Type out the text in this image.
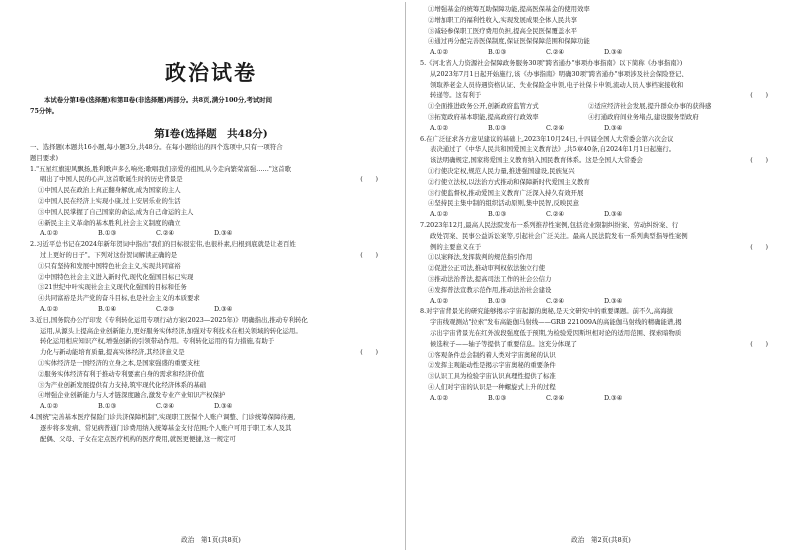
政治试卷

本试卷分第Ⅰ卷(选择题)和第Ⅱ卷(非选择题)两部分。共8页,满分100分,考试时间

75分钟。

第Ⅰ卷(选择题　共48分)

一、选择题(本题共16小题,每小题3分,共48分。在每小题给出的四个选项中,只有一项符合

题目要求)

1."五星红旗迎风飘扬,胜利歌声多么响亮;歌唱我们亲爱的祖国,从今走向繁荣富强……"这首歌

唱出了中国人民的心声,这首歌诞生时的历史背景是	(　　)

①中国人民在政治上真正翻身解放,成为国家的主人

②中国人民在经济上实现小康,过上安居乐业的生活

③中国人民掌握了自己国家的命运,成为自己命运的主人

④新民主主义革命的基本胜利,社会主义制度的确立

A.①②	B.①③	C.②④	D.③④

2.习近平总书记在2024年新年贺词中指出"我们的目标很宏伟,也很朴素,归根到底就是让老百姓

过上更好的日子"。下列对这份贺词解读正确的是	(　　)

①只有坚持和发展中国特色社会主义,实现共同富裕

②中国特色社会主义进入新时代,现代化强国目标已实现

③21世纪中叶实现社会主义现代化强国的目标和任务

④共同富裕是共产党的奋斗目标,也是社会主义的本质要求

A.①②	B.①④	C.②③	D.③④

3.近日,国务院办公厅印发《专利转化运用专项行动方案(2023—2025年)》明确指出,推动专利转化

运用,从源头上提高企业创新能力,更好服务实体经济,加强对专利技术在相关领域的转化运用。

转化运用相应知识产权,增强创新的引领带动作用。专利转化运用的有力措施,有助于

力化与新动能培育质量,提高实体经济,其经济意义是	(　　)

①实体经济是一国经济的立身之本,是国家强盛的重要支柱

②服务实体经济有利于推动专利要素自身的需求和经济价值

③为产业创新发展提供有力支持,筑牢现代化经济体系的基础

④增强企业创新能力与人才链深度融合,激发专业产业知识产权保护

A.①②	B.①③	C.②④	D.③④

4.国统"完善基本医疗保险门诊共济保障机制",实现职工医保个人账户调整、门诊统筹保障待遇,

逐步将多发病、常见病普通门诊费用纳入统筹基金支付范围;个人账户可用于职工本人及其

配偶、父母、子女在定点医疗机构的医疗费用,就医更便捷,这一规定可

政治　第1页(共8页)

①增强基金的统筹互助保障功能,提高医保基金的使用效率

②增加职工的福利性收入,实现发展成果全体人民共享

③减轻参保职工医疗费用负担,提高全民医保覆盖水平

④通过再分配完善医保制度,保证医保保障范围和保障功能

A.①②	B.①③	C.②④	D.③④

5.《河北省人力资源社会保障政务服务30项"跨省通办"事项办事指南》以下简称《办事指南》)

从2023年7月1日起开始施行,该《办事指南》明确30项"跨省通办"事项涉及社会保险登记、

领取养老金人员待遇资格认证、失业保险金申领,电子社保卡申领,流动人员人事档案接收和

转递等。这有利于	(　　)

①全面推进政务公开,创新政府监管方式	②适应经济社会发展,提升群众办事的获得感

③拓宽政府基本职能,提高政府行政效率	④打通政府间业务堵点,建设服务型政府

A.①②	B.①③	C.②④	D.③④

6.在广泛征求各方意见建议的基础上,2023年10月24日,十四届全国人大常委会第六次会议

表决通过了《中华人民共和国爱国主义教育法》,共5章40条,自2024年1月1日起施行。

该法明确规定,国家将爱国主义教育纳入国民教育体系。这是全国人大常委会	(　　)

①行使决定权,规范人民力量,推进强国建设,民族复兴

②行使立法权,以法治方式推动和保障新时代爱国主义教育

③行使监督权,推动爱国主义教育广泛深入持久有效开展

④坚持民主集中制的组织活动原则,集中民智,反映民意

A.①②	B.①③	C.②④	D.③④

7.2023年12月,最高人民法院发布一系列推荐性案例,包括竞业限制纠纷案、劳动纠纷案、行

政处罚案、民事公益诉讼案等,引起社会广泛关注。最高人民法院发布一系列典型指导性案例

例的主要意义在于	(　　)

①以案释法,发挥裁判的规范指引作用

②促进公正司法,推动审判权依法独立行使

③推动法治普法,提高司法工作的社会公信力

④发挥普法宣教示范作用,推动法治社会建设

A.①②	B.①③	C.②④	D.③④

8.对宇宙背景光的研究能够揭示宇宙起源的奥秘,是天文研究中的重要课题。前不久,高海拔

宇宙线观测站"拉索"发布高能伽马射线——GRB 221009A的高能伽马射线的精确能谱,揭

示出宇宙背景光在红外波段强度低于预期,为检验爱因斯坦相对论的适用范围、探索暗物质

候选粒子——轴子等提供了重要信息。这充分体现了	(　　)

①客观条件总会制约着人类对宇宙奥秘的认识

②发挥主观能动性是揭示宇宙奥秘的重要条件

③认识工具为检验宇宙认识真理性提供了标准

④人们对宇宙的认识是一种螺旋式上升的过程

A.①②	B.①③	C.②④	D.③④
政治　第2页(共8页)
